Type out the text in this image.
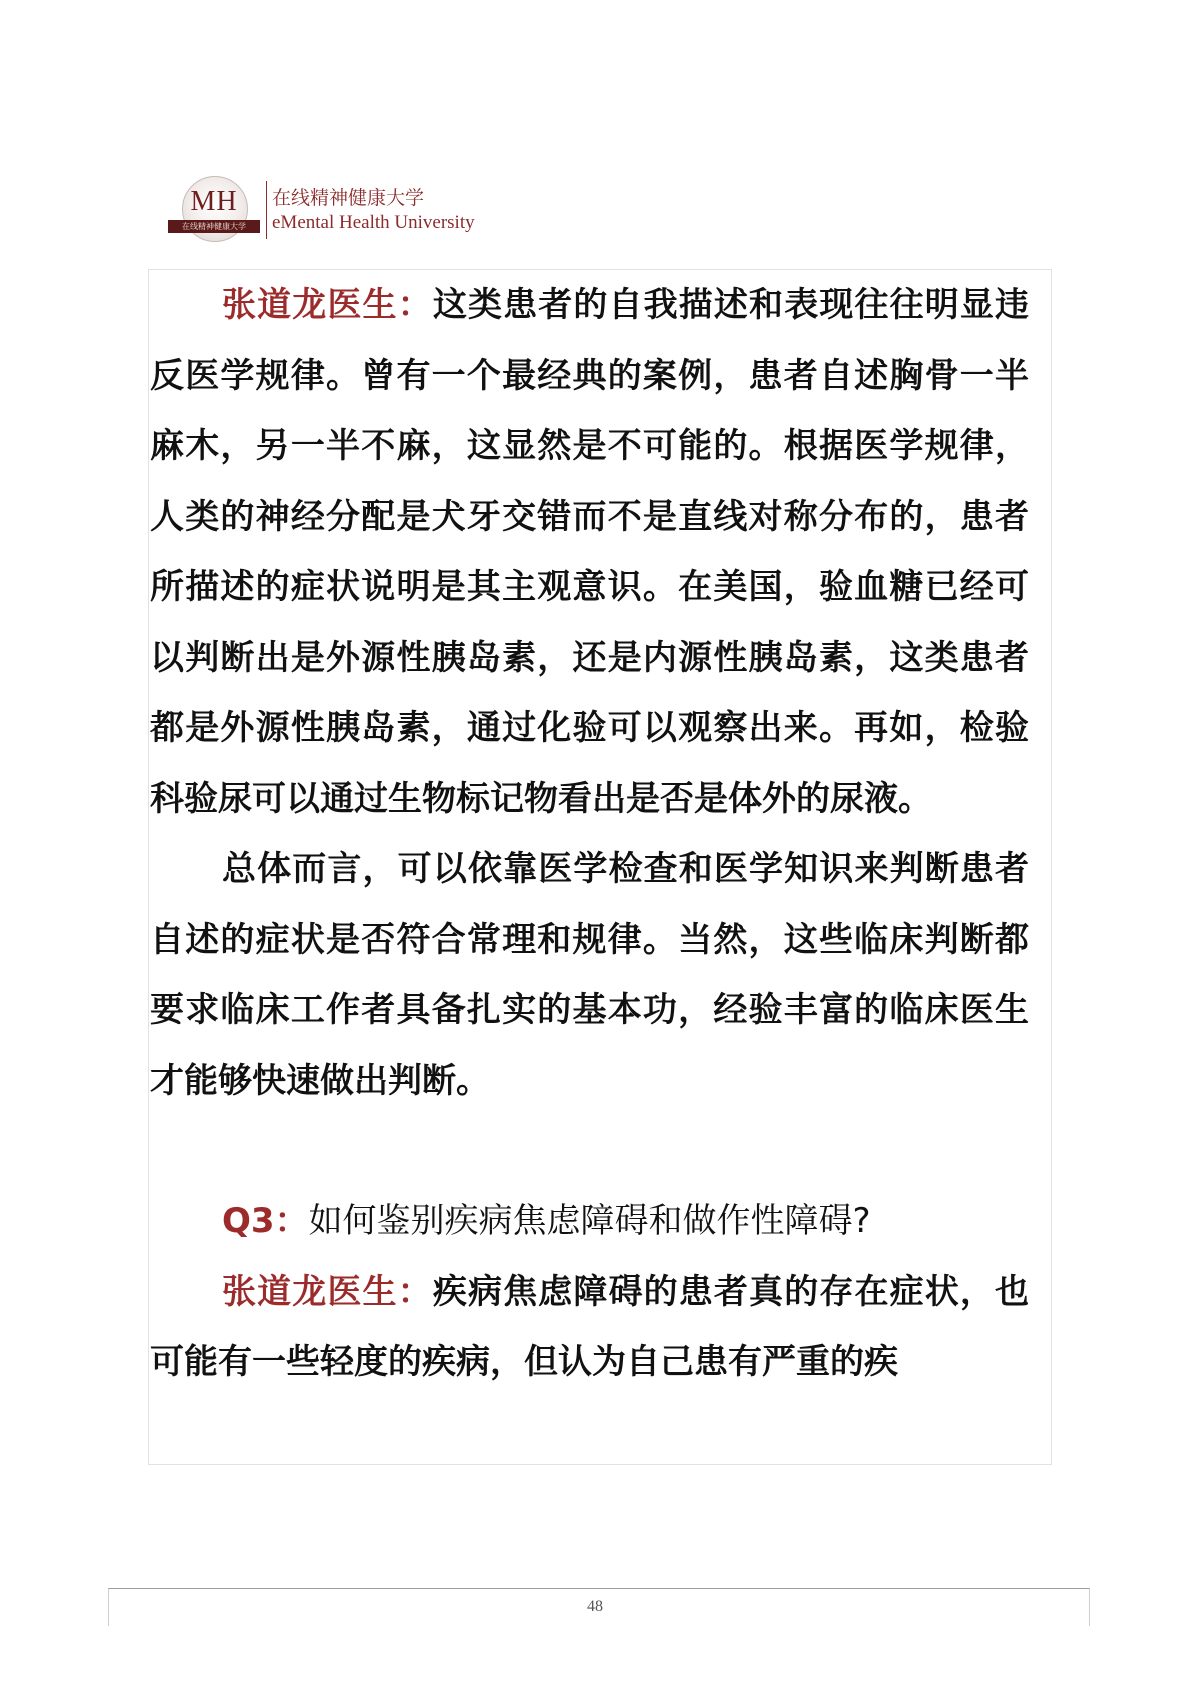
MH
在线精神健康大学
在线精神健康大学
eMental Health University

张道龙医生：这类患者的自我描述和表现往往明显违反医学规律。曾有一个最经典的案例，患者自述胸骨一半麻木，另一半不麻，这显然是不可能的。根据医学规律，人类的神经分配是犬牙交错而不是直线对称分布的，患者所描述的症状说明是其主观意识。在美国，验血糖已经可以判断出是外源性胰岛素，还是内源性胰岛素，这类患者都是外源性胰岛素，通过化验可以观察出来。再如，检验科验尿可以通过生物标记物看出是否是体外的尿液。

总体而言，可以依靠医学检查和医学知识来判断患者自述的症状是否符合常理和规律。当然，这些临床判断都要求临床工作者具备扎实的基本功，经验丰富的临床医生才能够快速做出判断。

Q3：如何鉴别疾病焦虑障碍和做作性障碍?

张道龙医生：疾病焦虑障碍的患者真的存在症状，也可能有一些轻度的疾病，但认为自己患有严重的疾

48
